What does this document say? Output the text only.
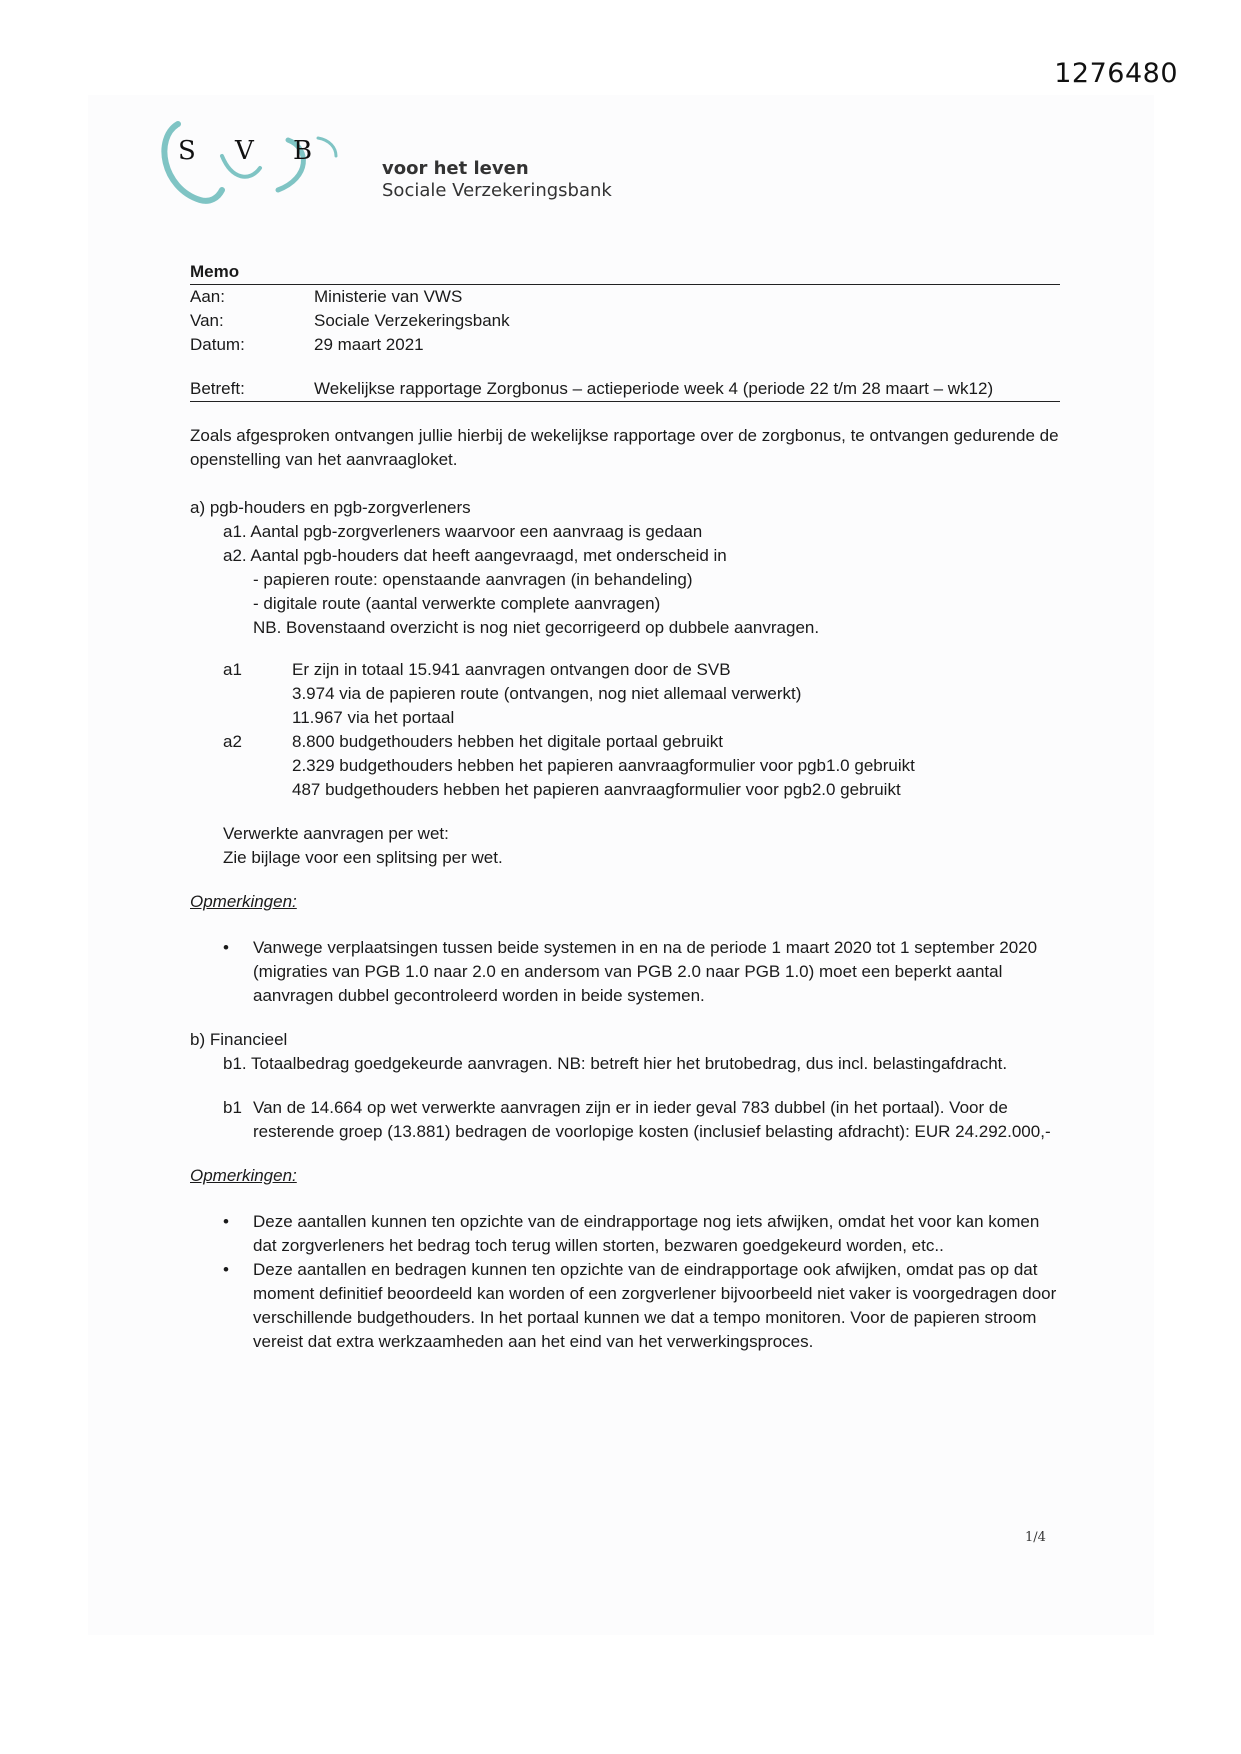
1276480
S V B
voor het leven
Sociale Verzekeringsbank
Memo
Aan:	Ministerie van VWS
Van:	Sociale Verzekeringsbank
Datum:	29 maart 2021
Betreft:	Wekelijkse rapportage Zorgbonus – actieperiode week 4 (periode 22 t/m 28 maart – wk12)

Zoals afgesproken ontvangen jullie hierbij de wekelijkse rapportage over de zorgbonus, te ontvangen gedurende de openstelling van het aanvraagloket.

a) pgb-houders en pgb-zorgverleners
a1. Aantal pgb-zorgverleners waarvoor een aanvraag is gedaan
a2. Aantal pgb-houders dat heeft aangevraagd, met onderscheid in
- papieren route: openstaande aanvragen (in behandeling)
- digitale route (aantal verwerkte complete aanvragen)
NB. Bovenstaand overzicht is nog niet gecorrigeerd op dubbele aanvragen.
a1	Er zijn in totaal 15.941 aanvragen ontvangen door de SVB
3.974 via de papieren route (ontvangen, nog niet allemaal verwerkt)
11.967 via het portaal
a2	8.800 budgethouders hebben het digitale portaal gebruikt
2.329 budgethouders hebben het papieren aanvraagformulier voor pgb1.0 gebruikt
487 budgethouders hebben het papieren aanvraagformulier voor pgb2.0 gebruikt
Verwerkte aanvragen per wet:
Zie bijlage voor een splitsing per wet.
Opmerkingen:
•	Vanwege verplaatsingen tussen beide systemen in en na de periode 1 maart 2020 tot 1 september 2020 (migraties van PGB 1.0 naar 2.0 en andersom van PGB 2.0 naar PGB 1.0) moet een beperkt aantal aanvragen dubbel gecontroleerd worden in beide systemen.
b) Financieel
b1. Totaalbedrag goedgekeurde aanvragen. NB: betreft hier het brutobedrag, dus incl. belastingafdracht.
b1 Van de 14.664 op wet verwerkte aanvragen zijn er in ieder geval 783 dubbel (in het portaal). Voor de resterende groep (13.881) bedragen de voorlopige kosten (inclusief belasting afdracht): EUR 24.292.000,-
Opmerkingen:
•	Deze aantallen kunnen ten opzichte van de eindrapportage nog iets afwijken, omdat het voor kan komen dat zorgverleners het bedrag toch terug willen storten, bezwaren goedgekeurd worden, etc..
•	Deze aantallen en bedragen kunnen ten opzichte van de eindrapportage ook afwijken, omdat pas op dat moment definitief beoordeeld kan worden of een zorgverlener bijvoorbeeld niet vaker is voorgedragen door verschillende budgethouders. In het portaal kunnen we dat a tempo monitoren. Voor de papieren stroom vereist dat extra werkzaamheden aan het eind van het verwerkingsproces.
1/4
